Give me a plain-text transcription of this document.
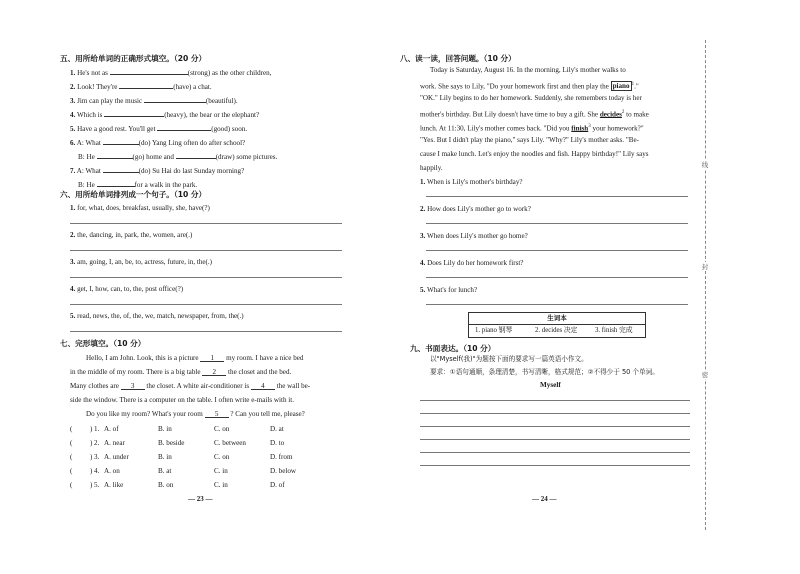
五、用所给单词的正确形式填空。（20 分）
1. He's not as	(strong) as the other children,
2. Look! They're	(have) a chat.
3. Jim can play the music	(beautiful).
4. Which is	(heavy), the bear or the elephant?
5. Have a good rest. You'll get	(good) soon.
6. A: What	(do) Yang Ling often do after school?
B: He	(go) home and	(draw) some pictures.
7. A: What	(do) Su Hai do last Sunday morning?
B: He	for a walk in the park.
六、用所给单词排列成一个句子。（10 分）
1. for, what, does, breakfast, usually, she, have(?)
2. the, dancing, in, park, the, women, are(.)
3. am, going, I, an, be, to, actress, future, in, the(.)
4. get, I, how, can, to, the, post office(?)
5. read, news, the, of, the, we, match, newspaper, from, the(.)
七、完形填空。（10 分）
Hello, I am John. Look, this is a picture 1 my room. I have a nice bed
in the middle of my room. There is a big table 2 the closet and the bed.
Many clothes are 3 the closet. A white air-conditioner is 4 the wall be-
side the window. There is a computer on the table. I often write e-mails with it.
Do you like my room? What's your room 5 ? Can you tell me, please?
( ) 1. A. of	B. in	C. on	D. at
( ) 2. A. near	B. beside	C. between	D. to
( ) 3. A. under	B. in	C. on	D. from
( ) 4. A. on	B. at	C. in	D. below
( ) 5. A. like	B. on	C. in	D. of
— 23 —
八、读一读，回答问题。（10 分）
Today is Saturday, August 16. In the morning, Lily's mother walks to
work. She says to Lily, "Do your homework first and then play the piano $^1$."
"OK." Lily begins to do her homework. Suddenly, she remembers today is her
mother's birthday. But Lily doesn't have time to buy a gift. She decides$^2$ to make
lunch. At 11:30, Lily's mother comes back. "Did you finish$^3$ your homework?"
"Yes. But I didn't play the piano," says Lily. "Why?" Lily's mother asks. "Be-
cause I make lunch. Let's enjoy the noodles and fish. Happy birthday!" Lily says
happily.
1. When is Lily's mother's birthday?
2. How does Lily's mother go to work?
3. When does Lily's mother go home?
4. Does Lily do her homework first?
5. What's for lunch?
生词本
1. piano 钢琴	2. decides 决定	3. finish 完成
九、书面表达。（10 分）
以"Myself(我)"为题按下面的要求写一篇英语小作文。
要求：①语句通顺，条理清楚，书写清晰，格式规范；②不得少于 50 个单词。
Myself
— 24 —
线
封
密
